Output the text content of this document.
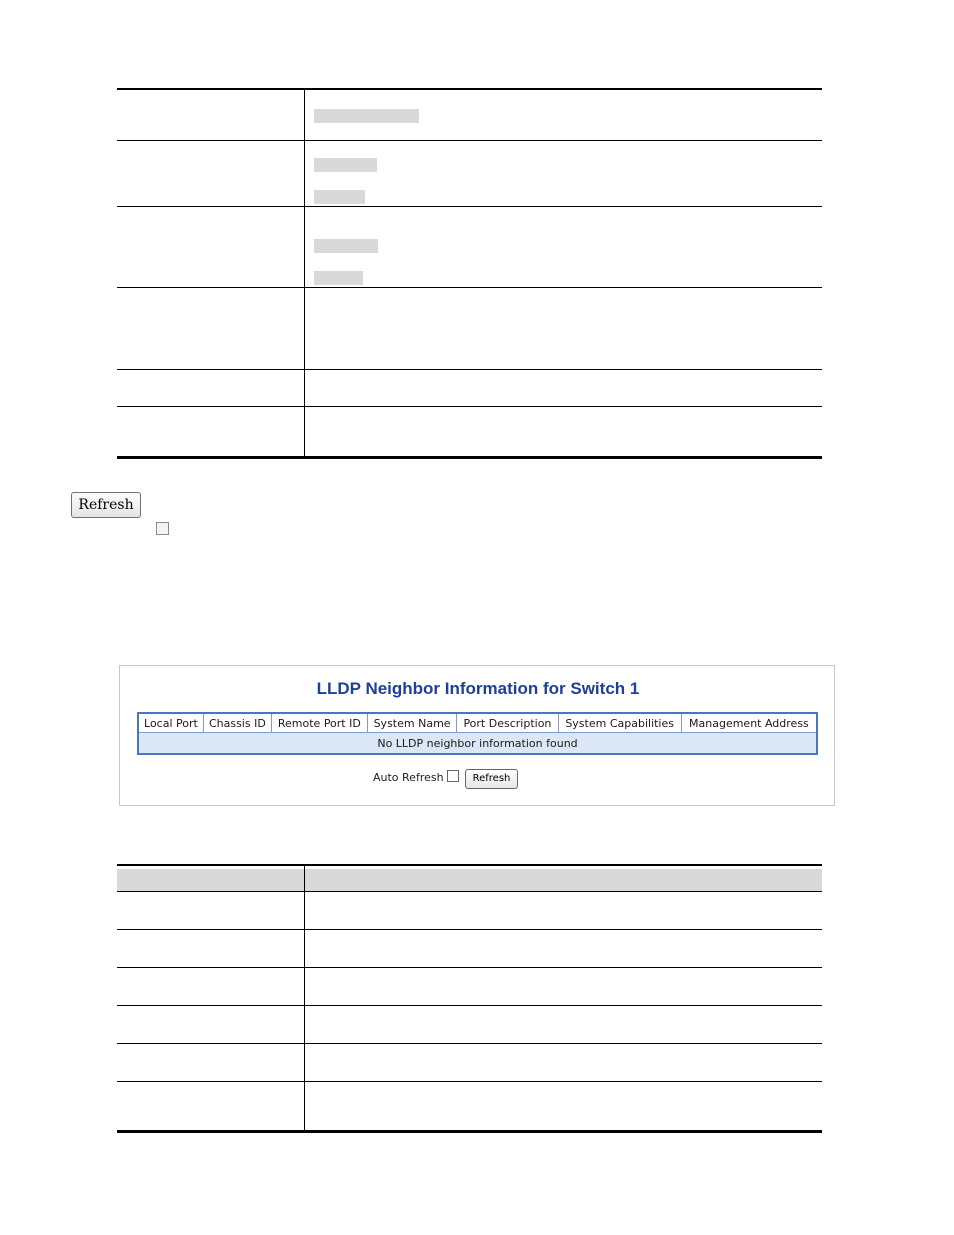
Refresh
LLDP Neighbor Information for Switch 1
Local Port	Chassis ID	Remote Port ID	System Name	Port Description	System Capabilities	Management Address
No LLDP neighbor information found
Auto Refresh	Refresh
